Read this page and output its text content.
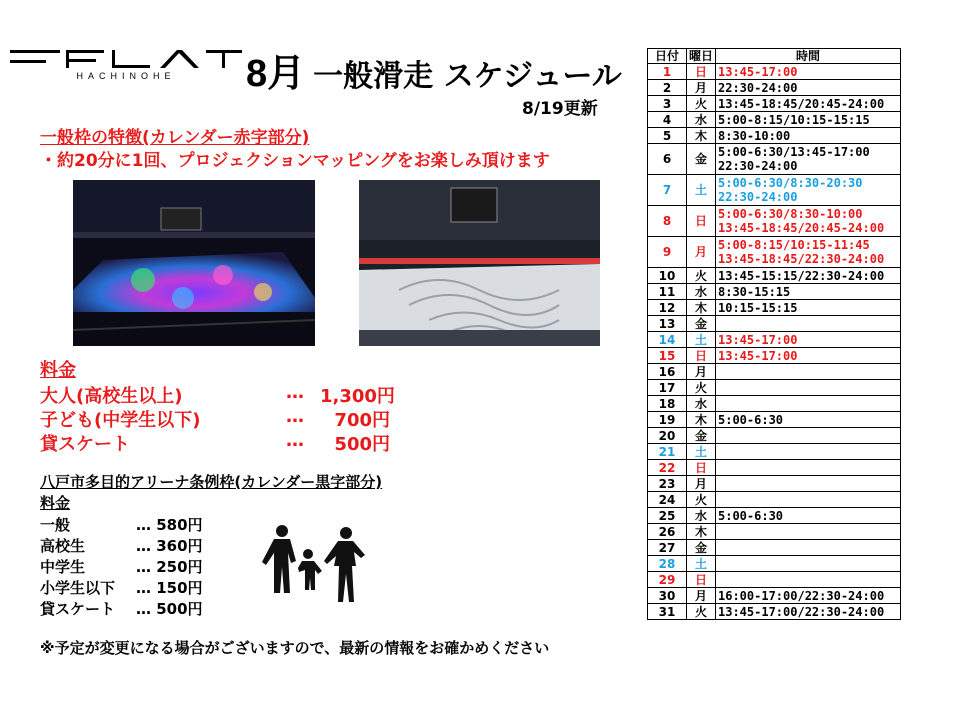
HACHINOHE	8月 一般滑走 スケジュール
8/19更新
一般枠の特徴(カレンダー赤字部分)
・約20分に1回、プロジェクションマッピングをお楽しみ頂けます
料金
大人(高校生以上)	… 1,300円
子ども(中学生以下)	…	700円
貸スケート	…	500円
八戸市多目的アリーナ条例枠(カレンダー黒字部分)
料金
一般	… 580円
高校生	… 360円
中学生	… 250円
小学生以下 … 150円
貸スケート … 500円
※予定が変更になる場合がございますので、最新の情報をお確かめください
日付	曜日	時間
1	日	13:45-17:00
2	月	22:30-24:00
3	火	13:45-18:45/20:45-24:00
4	水	5:00-8:15/10:15-15:15
5	木	8:30-10:00
6	金	5:00-6:30/13:45-17:00
22:30-24:00
7	土	5:00-6:30/8:30-20:30
22:30-24:00
8	日	5:00-6:30/8:30-10:00
13:45-18:45/20:45-24:00
9	月	5:00-8:15/10:15-11:45
13:45-18:45/22:30-24:00
10	火	13:45-15:15/22:30-24:00
11	水	8:30-15:15
12	木	10:15-15:15
13	金	
14	土	13:45-17:00
15	日	13:45-17:00
16	月	
17	火	
18	水	
19	木	5:00-6:30
20	金	
21	土	
22	日	
23	月	
24	火	
25	水	5:00-6:30
26	木	
27	金	
28	土	
29	日	
30	月	16:00-17:00/22:30-24:00
31	火	13:45-17:00/22:30-24:00
